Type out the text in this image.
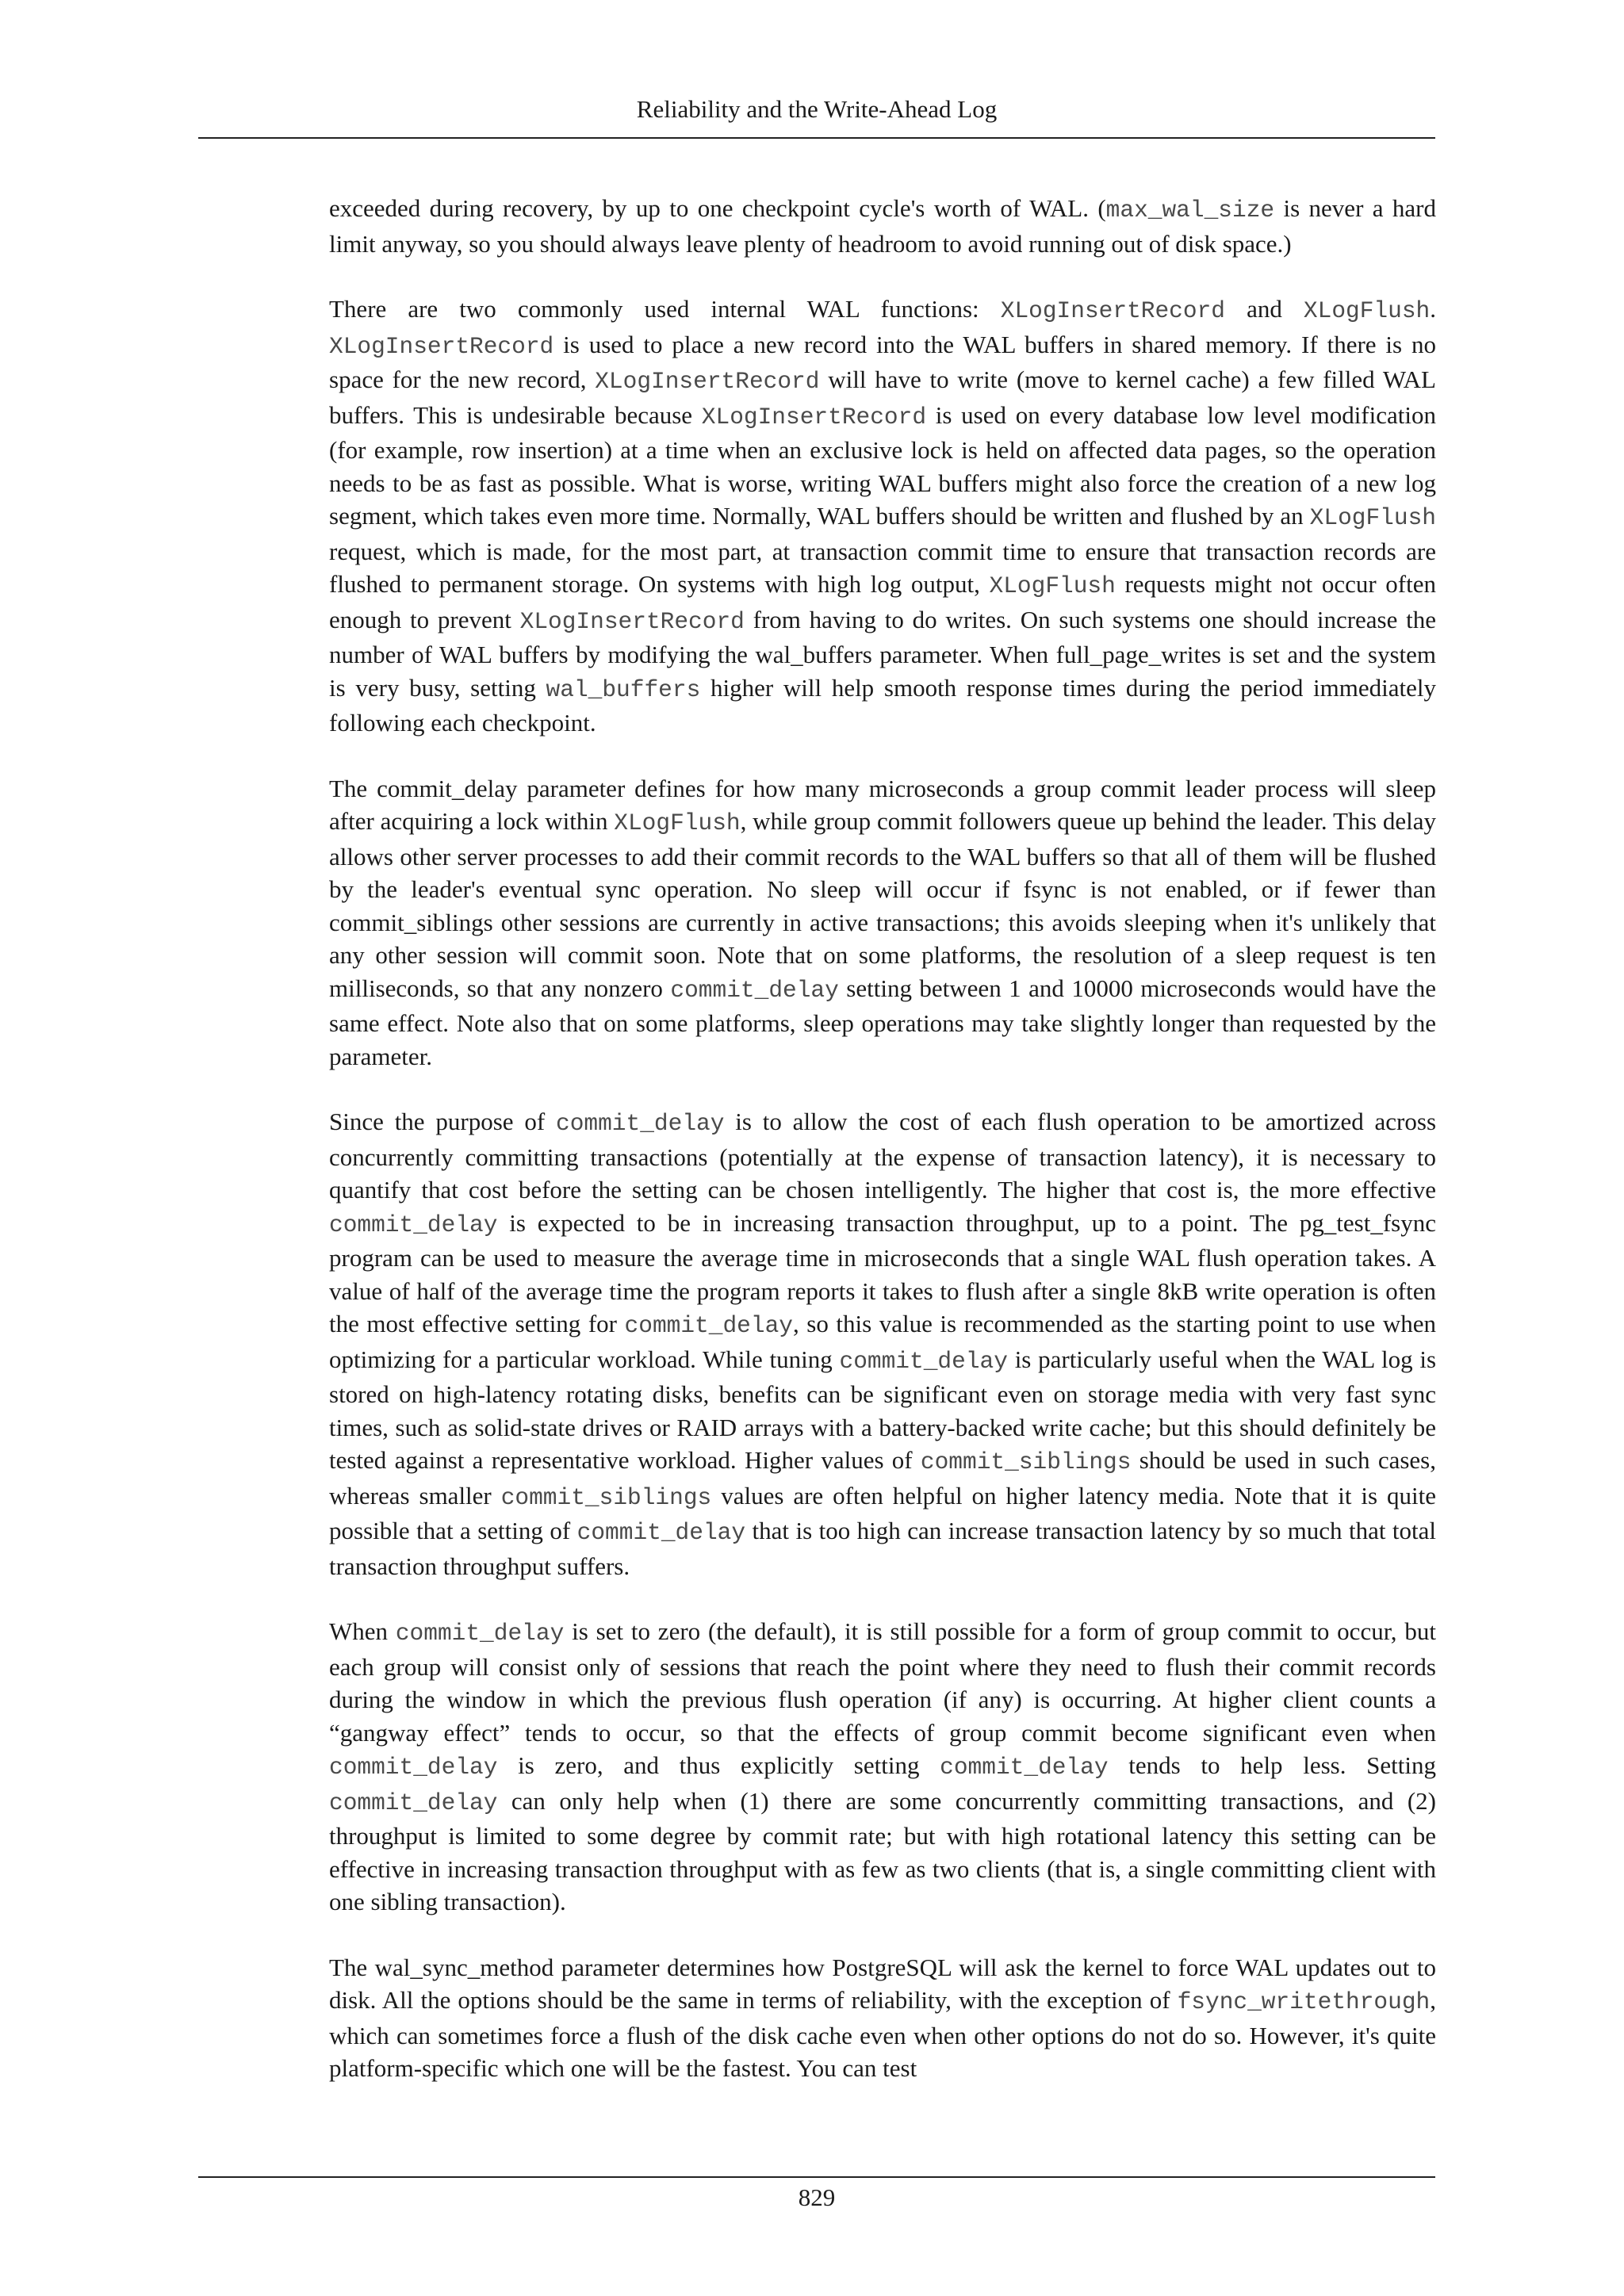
Reliability and the Write-Ahead Log

exceeded during recovery, by up to one checkpoint cycle's worth of WAL. (max_wal_size is never a hard limit anyway, so you should always leave plenty of headroom to avoid running out of disk space.)

There are two commonly used internal WAL functions: XLogInsertRecord and XLogFlush. XLogInsertRecord is used to place a new record into the WAL buffers in shared memory. If there is no space for the new record, XLogInsertRecord will have to write (move to kernel cache) a few filled WAL buffers. This is undesirable because XLogInsertRecord is used on every database low level modification (for example, row insertion) at a time when an exclusive lock is held on affected data pages, so the operation needs to be as fast as possible. What is worse, writing WAL buffers might also force the creation of a new log segment, which takes even more time. Normally, WAL buffers should be written and flushed by an XLogFlush request, which is made, for the most part, at transaction commit time to ensure that transaction records are flushed to permanent storage. On systems with high log output, XLogFlush requests might not occur often enough to prevent XLogInsertRecord from having to do writes. On such systems one should increase the number of WAL buffers by modifying the wal_buffers parameter. When full_page_writes is set and the system is very busy, setting wal_buffers higher will help smooth response times during the period immediately following each checkpoint.

The commit_delay parameter defines for how many microseconds a group commit leader process will sleep after acquiring a lock within XLogFlush, while group commit followers queue up behind the leader. This delay allows other server processes to add their commit records to the WAL buffers so that all of them will be flushed by the leader's eventual sync operation. No sleep will occur if fsync is not enabled, or if fewer than commit_siblings other sessions are currently in active transactions; this avoids sleeping when it's unlikely that any other session will commit soon. Note that on some platforms, the resolution of a sleep request is ten milliseconds, so that any nonzero commit_delay setting between 1 and 10000 microseconds would have the same effect. Note also that on some platforms, sleep operations may take slightly longer than requested by the parameter.

Since the purpose of commit_delay is to allow the cost of each flush operation to be amortized across concurrently committing transactions (potentially at the expense of transaction latency), it is necessary to quantify that cost before the setting can be chosen intelligently. The higher that cost is, the more effective commit_delay is expected to be in increasing transaction throughput, up to a point. The pg_test_fsync program can be used to measure the average time in microseconds that a single WAL flush operation takes. A value of half of the average time the program reports it takes to flush after a single 8kB write operation is often the most effective setting for commit_delay, so this value is recommended as the starting point to use when optimizing for a particular workload. While tuning commit_delay is particularly useful when the WAL log is stored on high-latency rotating disks, benefits can be significant even on storage media with very fast sync times, such as solid-state drives or RAID arrays with a battery-backed write cache; but this should definitely be tested against a representative workload. Higher values of commit_siblings should be used in such cases, whereas smaller commit_siblings values are often helpful on higher latency media. Note that it is quite possible that a setting of commit_delay that is too high can increase transaction latency by so much that total transaction throughput suffers.

When commit_delay is set to zero (the default), it is still possible for a form of group commit to occur, but each group will consist only of sessions that reach the point where they need to flush their commit records during the window in which the previous flush operation (if any) is occurring. At higher client counts a “gangway effect” tends to occur, so that the effects of group commit become significant even when commit_delay is zero, and thus explicitly setting commit_delay tends to help less. Setting commit_delay can only help when (1) there are some concurrently committing transactions, and (2) throughput is limited to some degree by commit rate; but with high rotational latency this setting can be effective in increasing transaction throughput with as few as two clients (that is, a single committing client with one sibling transaction).

The wal_sync_method parameter determines how PostgreSQL will ask the kernel to force WAL updates out to disk. All the options should be the same in terms of reliability, with the exception of fsync_writethrough, which can sometimes force a flush of the disk cache even when other options do not do so. However, it's quite platform-specific which one will be the fastest. You can test

829
